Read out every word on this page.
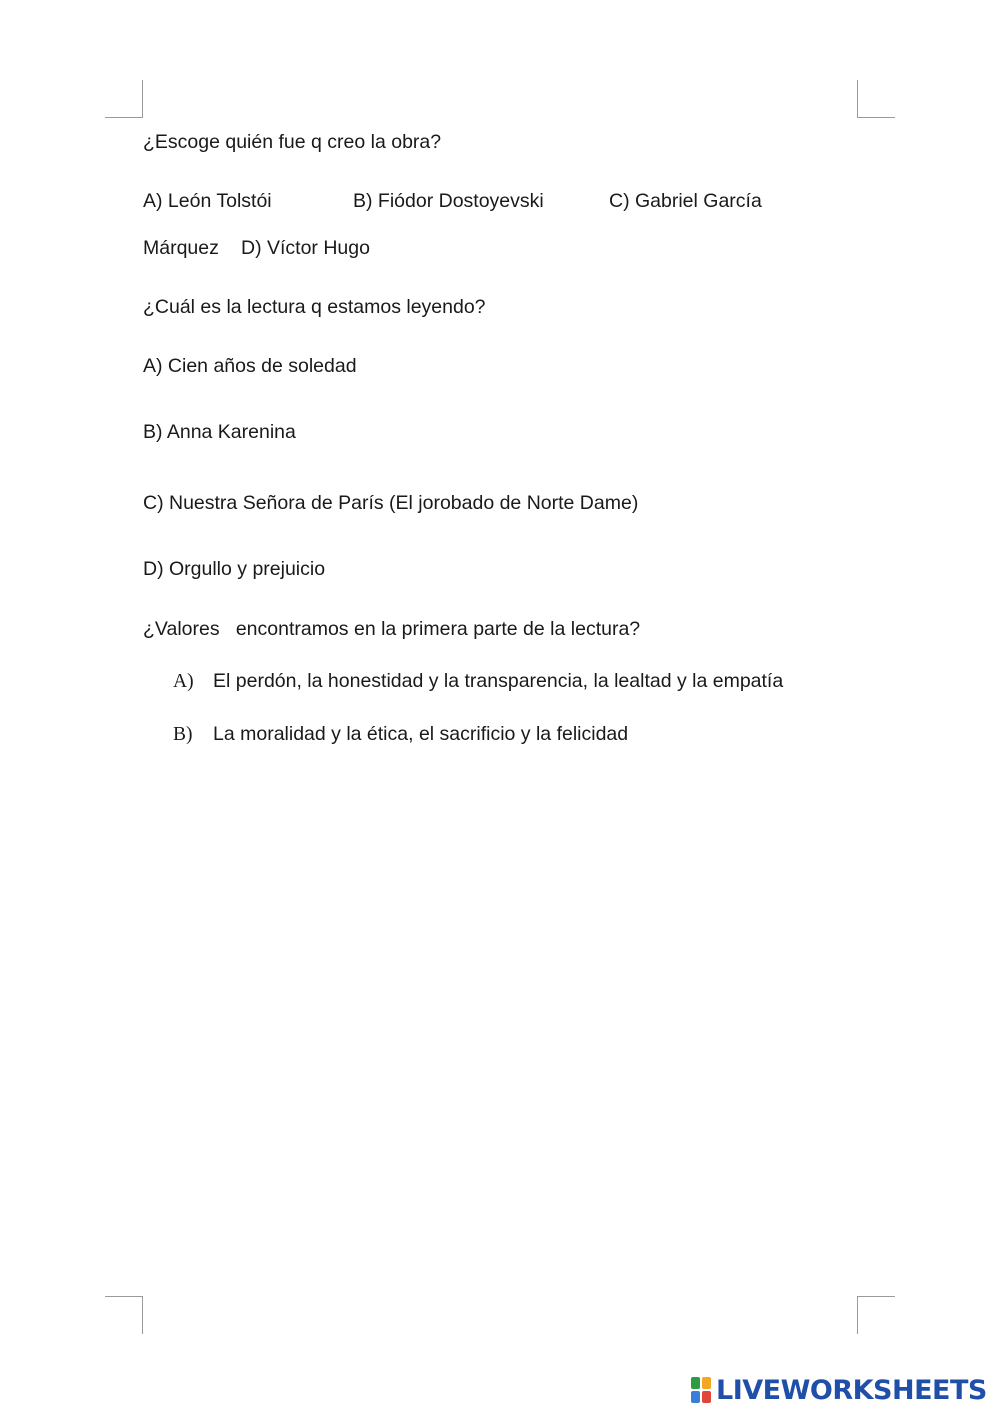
¿Escoge quién fue q creo la obra?
A) León Tolstói	B) Fiódor Dostoyevski	C) Gabriel García
Márquez D) Víctor Hugo
¿Cuál es la lectura q estamos leyendo?
A) Cien años de soledad
B) Anna Karenina
C) Nuestra Señora de París (El jorobado de Norte Dame)
D) Orgullo y prejuicio
¿Valores   encontramos en la primera parte de la lectura?
A) El perdón, la honestidad y la transparencia, la lealtad y la empatía
B) La moralidad y la ética, el sacrificio y la felicidad
LIVEWORKSHEETS
